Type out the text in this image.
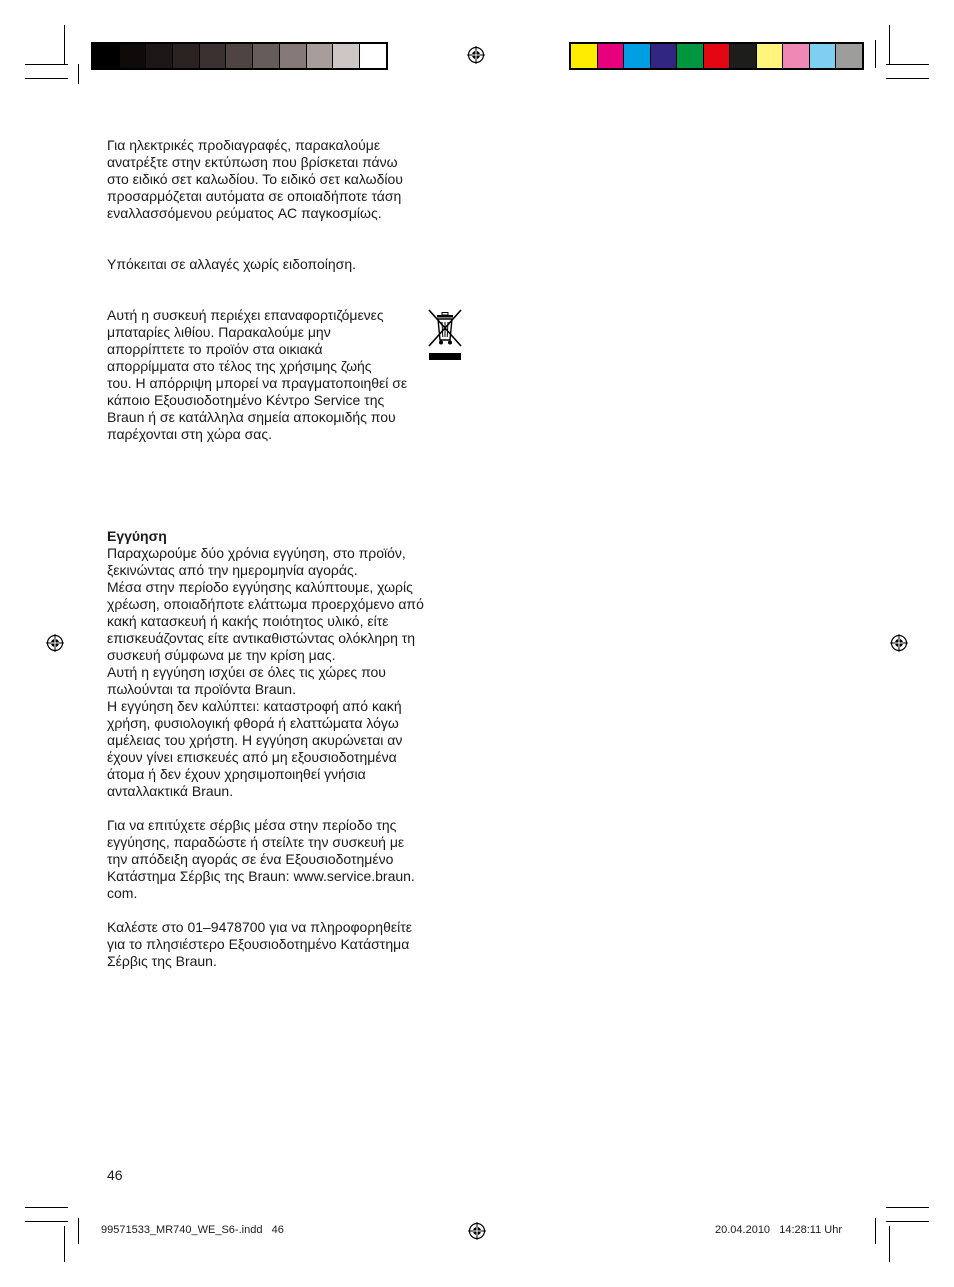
Για ηλεκτρικές προδιαγραφές, παρακαλούμε
ανατρέξτε στην εκτύπωση που βρίσκεται πάνω
στο ειδικό σετ καλωδίου. Το ειδικό σετ καλωδίου
προσαρμόζεται αυτόματα σε οποιαδήποτε τάση
εναλλασσόμενου ρεύματος AC παγκοσμίως.
Υπόκειται σε αλλαγές χωρίς ειδοποίηση.
Αυτή η συσκευή περιέχει επαναφορτιζόμενες
μπαταρίες λιθίου. Παρακαλούμε μην
απορρίπτετε το προϊόν στα οικιακά
απορρίμματα στο τέλος της χρήσιμης ζωής
του. Η απόρριψη μπορεί να πραγματοποιηθεί σε
κάποιο Εξουσιοδοτημένο Κέντρο Service της
Braun ή σε κατάλληλα σημεία αποκομιδής που
παρέχονται στη χώρα σας.
Εγγύηση
Παραχωρούμε δύο χρόνια εγγύηση, στο προϊόν,
ξεκινώντας από την ημερομηνία αγοράς.
Μέσα στην περίοδο εγγύησης καλύπτουμε, χωρίς
χρέωση, οποιαδήποτε ελάττωμα προερχόμενο από
κακή κατασκευή ή κακής ποιότητος υλικό, είτε
επισκευάζοντας είτε αντικαθιστώντας ολόκληρη τη
συσκευή σύμφωνα με την κρίση μας.
Αυτή η εγγύηση ισχύει σε όλες τις χώρες που
πωλούνται τα προϊόντα Braun.
Η εγγύηση δεν καλύπτει: καταστροφή από κακή
χρήση, φυσιολογική φθορά ή ελαττώματα λόγω
αμέλειας του χρήστη. Η εγγύηση ακυρώνεται αν
έχουν γίνει επισκευές από μη εξουσιοδοτημένα
άτομα ή δεν έχουν χρησιμοποιηθεί γνήσια
ανταλλακτικά Braun.
Για να επιτύχετε σέρβις μέσα στην περίοδο της
εγγύησης, παραδώστε ή στείλτε την συσκευή με
την απόδειξη αγοράς σε ένα Εξουσιοδοτημένο
Κατάστημα Σέρβις της Braun: www.service.braun.
com.
Καλέστε στο 01–9478700 για να πληροφορηθείτε
για το πλησιέστερο Εξουσιοδοτημένο Κατάστημα
Σέρβις της Braun.
46
99571533_MR740_WE_S6-.indd   46	20.04.2010   14:28:11 Uhr
